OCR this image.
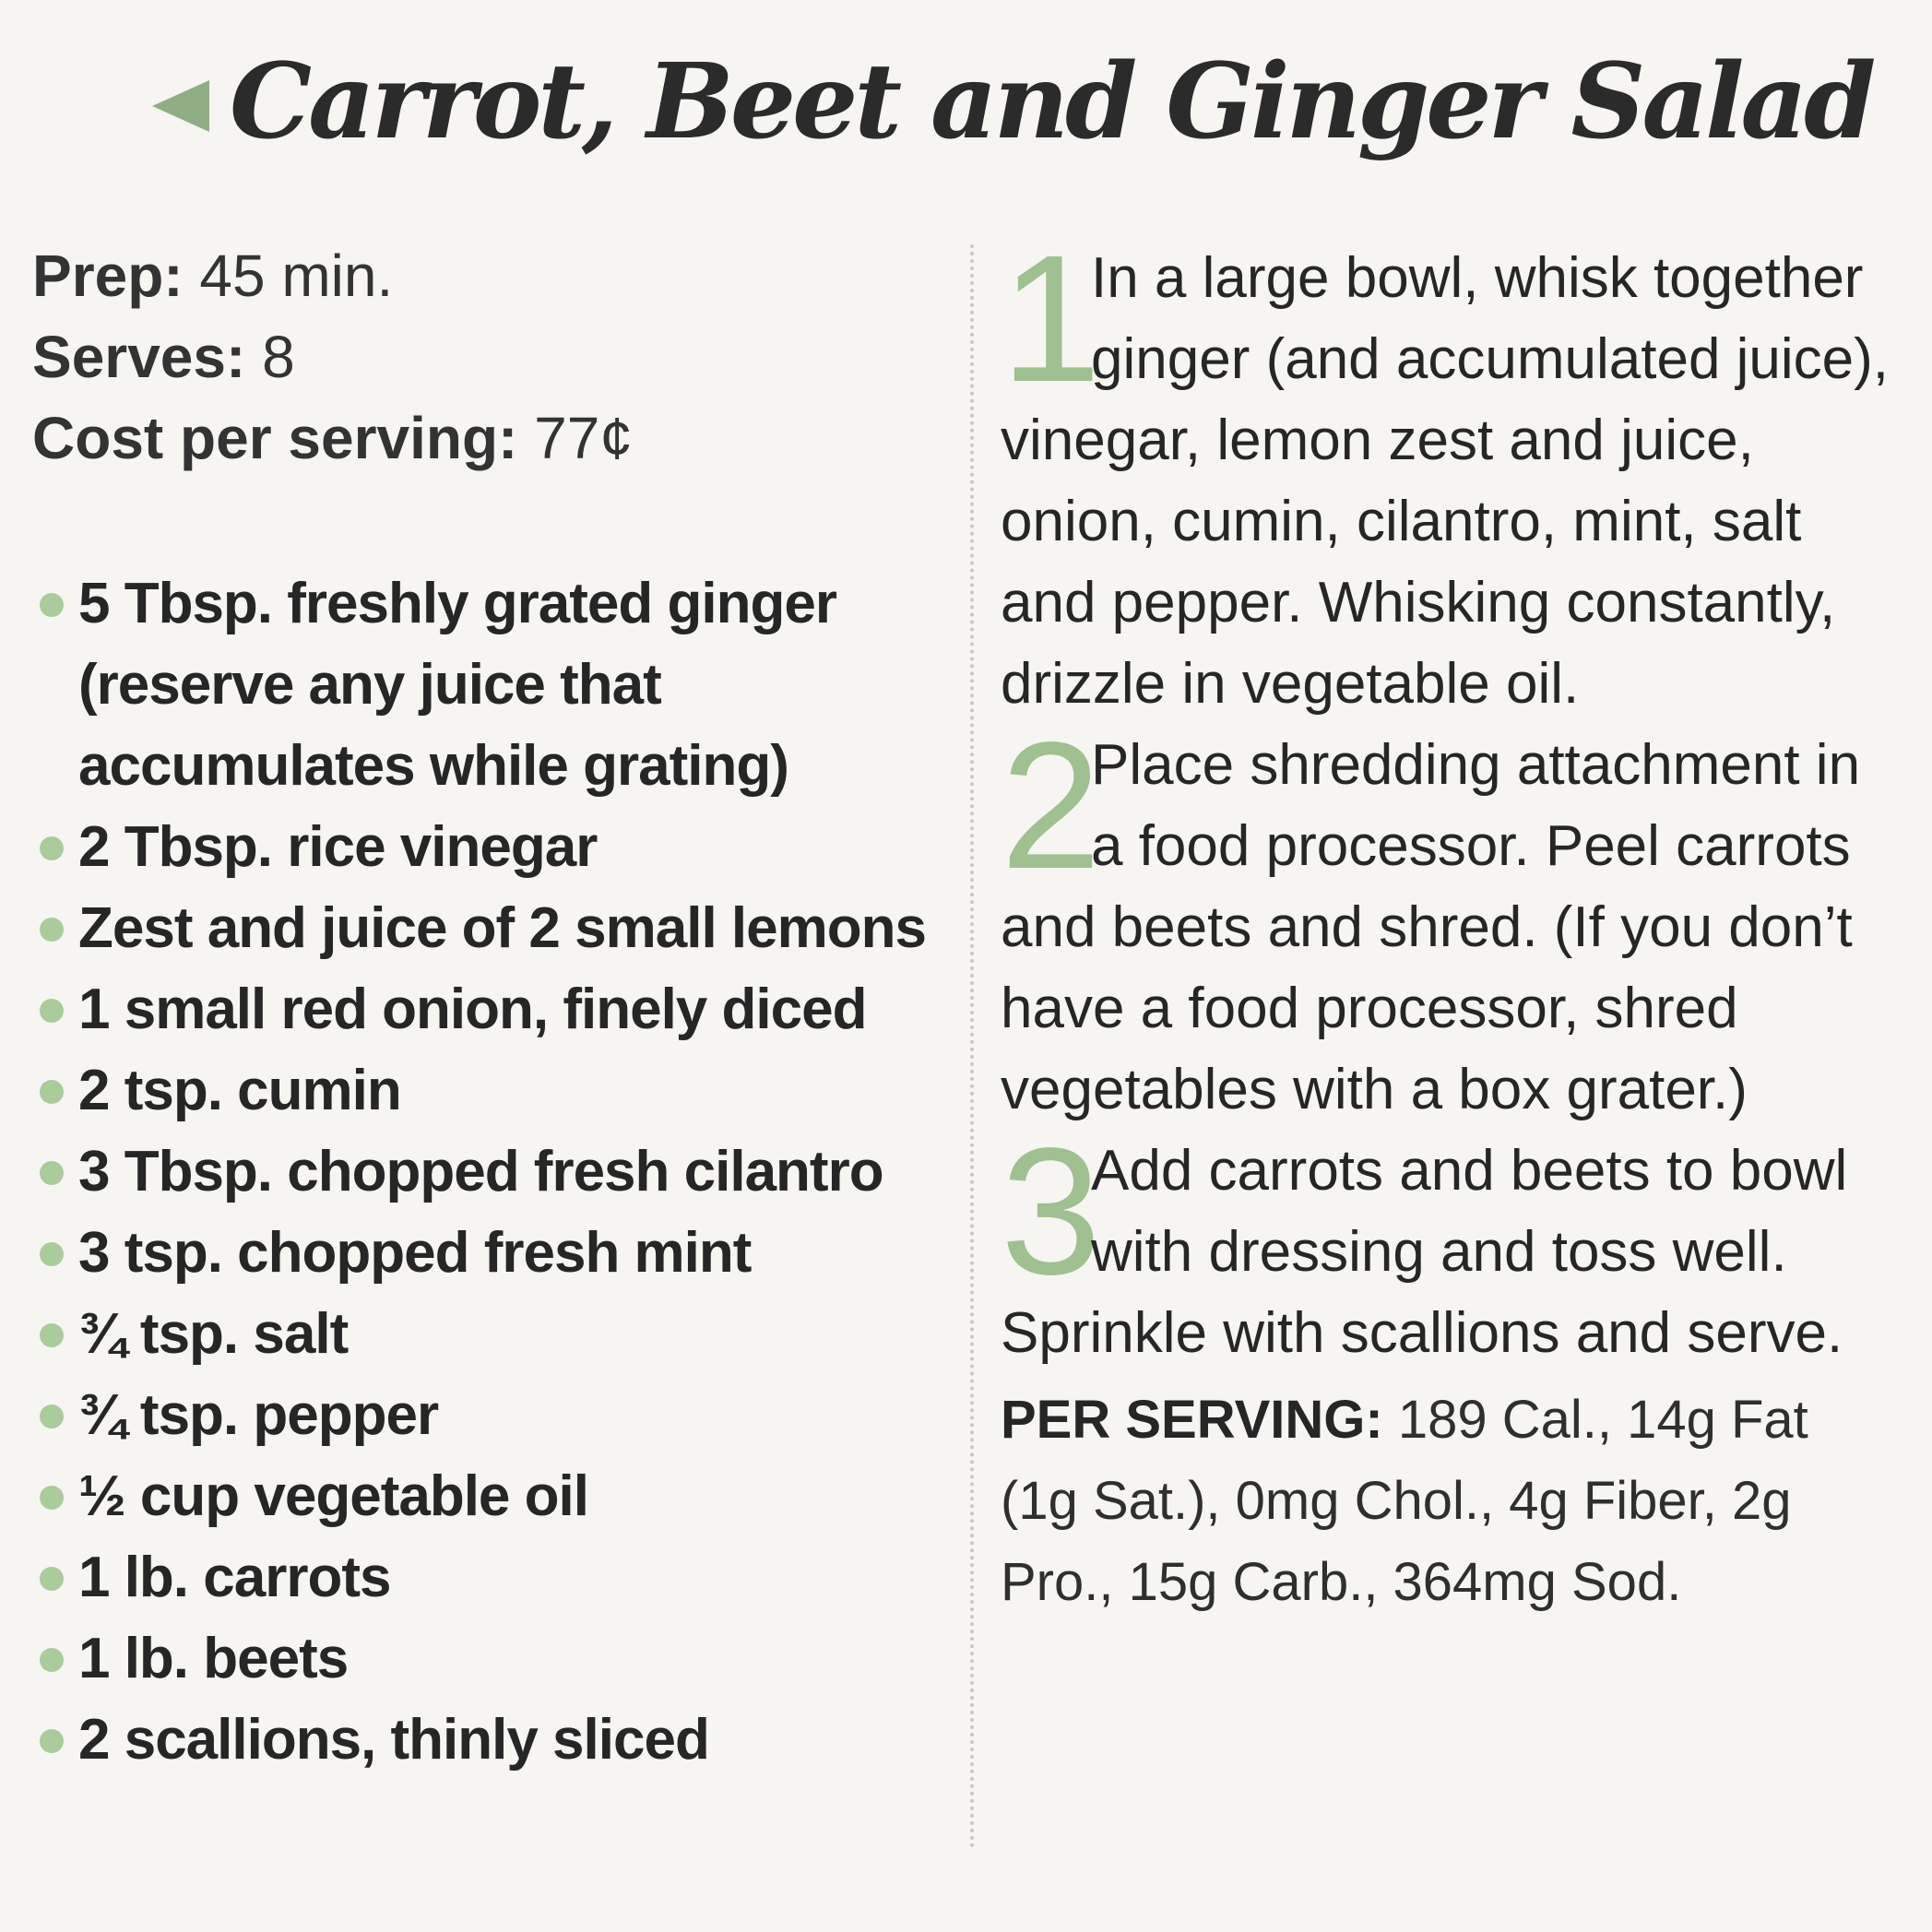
Carrot, Beet and Ginger Salad
Prep: 45 min.
Serves: 8
Cost per serving: 77¢
5 Tbsp. freshly grated ginger (reserve any juice that accumulates while grating)
2 Tbsp. rice vinegar
Zest and juice of 2 small lemons
1 small red onion, finely diced
2 tsp. cumin
3 Tbsp. chopped fresh cilantro
3 tsp. chopped fresh mint
¾ tsp. salt
¾ tsp. pepper
½ cup vegetable oil
1 lb. carrots
1 lb. beets
2 scallions, thinly sliced
1
In a large bowl, whisk together ginger (and accumulated juice), vinegar, lemon zest and juice, onion, cumin, cilantro, mint, salt and pepper. Whisking constantly, drizzle in vegetable oil.
2
Place shredding attachment in a food processor. Peel carrots and beets and shred. (If you don’t have a food processor, shred vegetables with a box grater.)
3
Add carrots and beets to bowl with dressing and toss well. Sprinkle with scallions and serve.
PER SERVING: 189 Cal., 14g Fat (1g Sat.), 0mg Chol., 4g Fiber, 2g Pro., 15g Carb., 364mg Sod.
